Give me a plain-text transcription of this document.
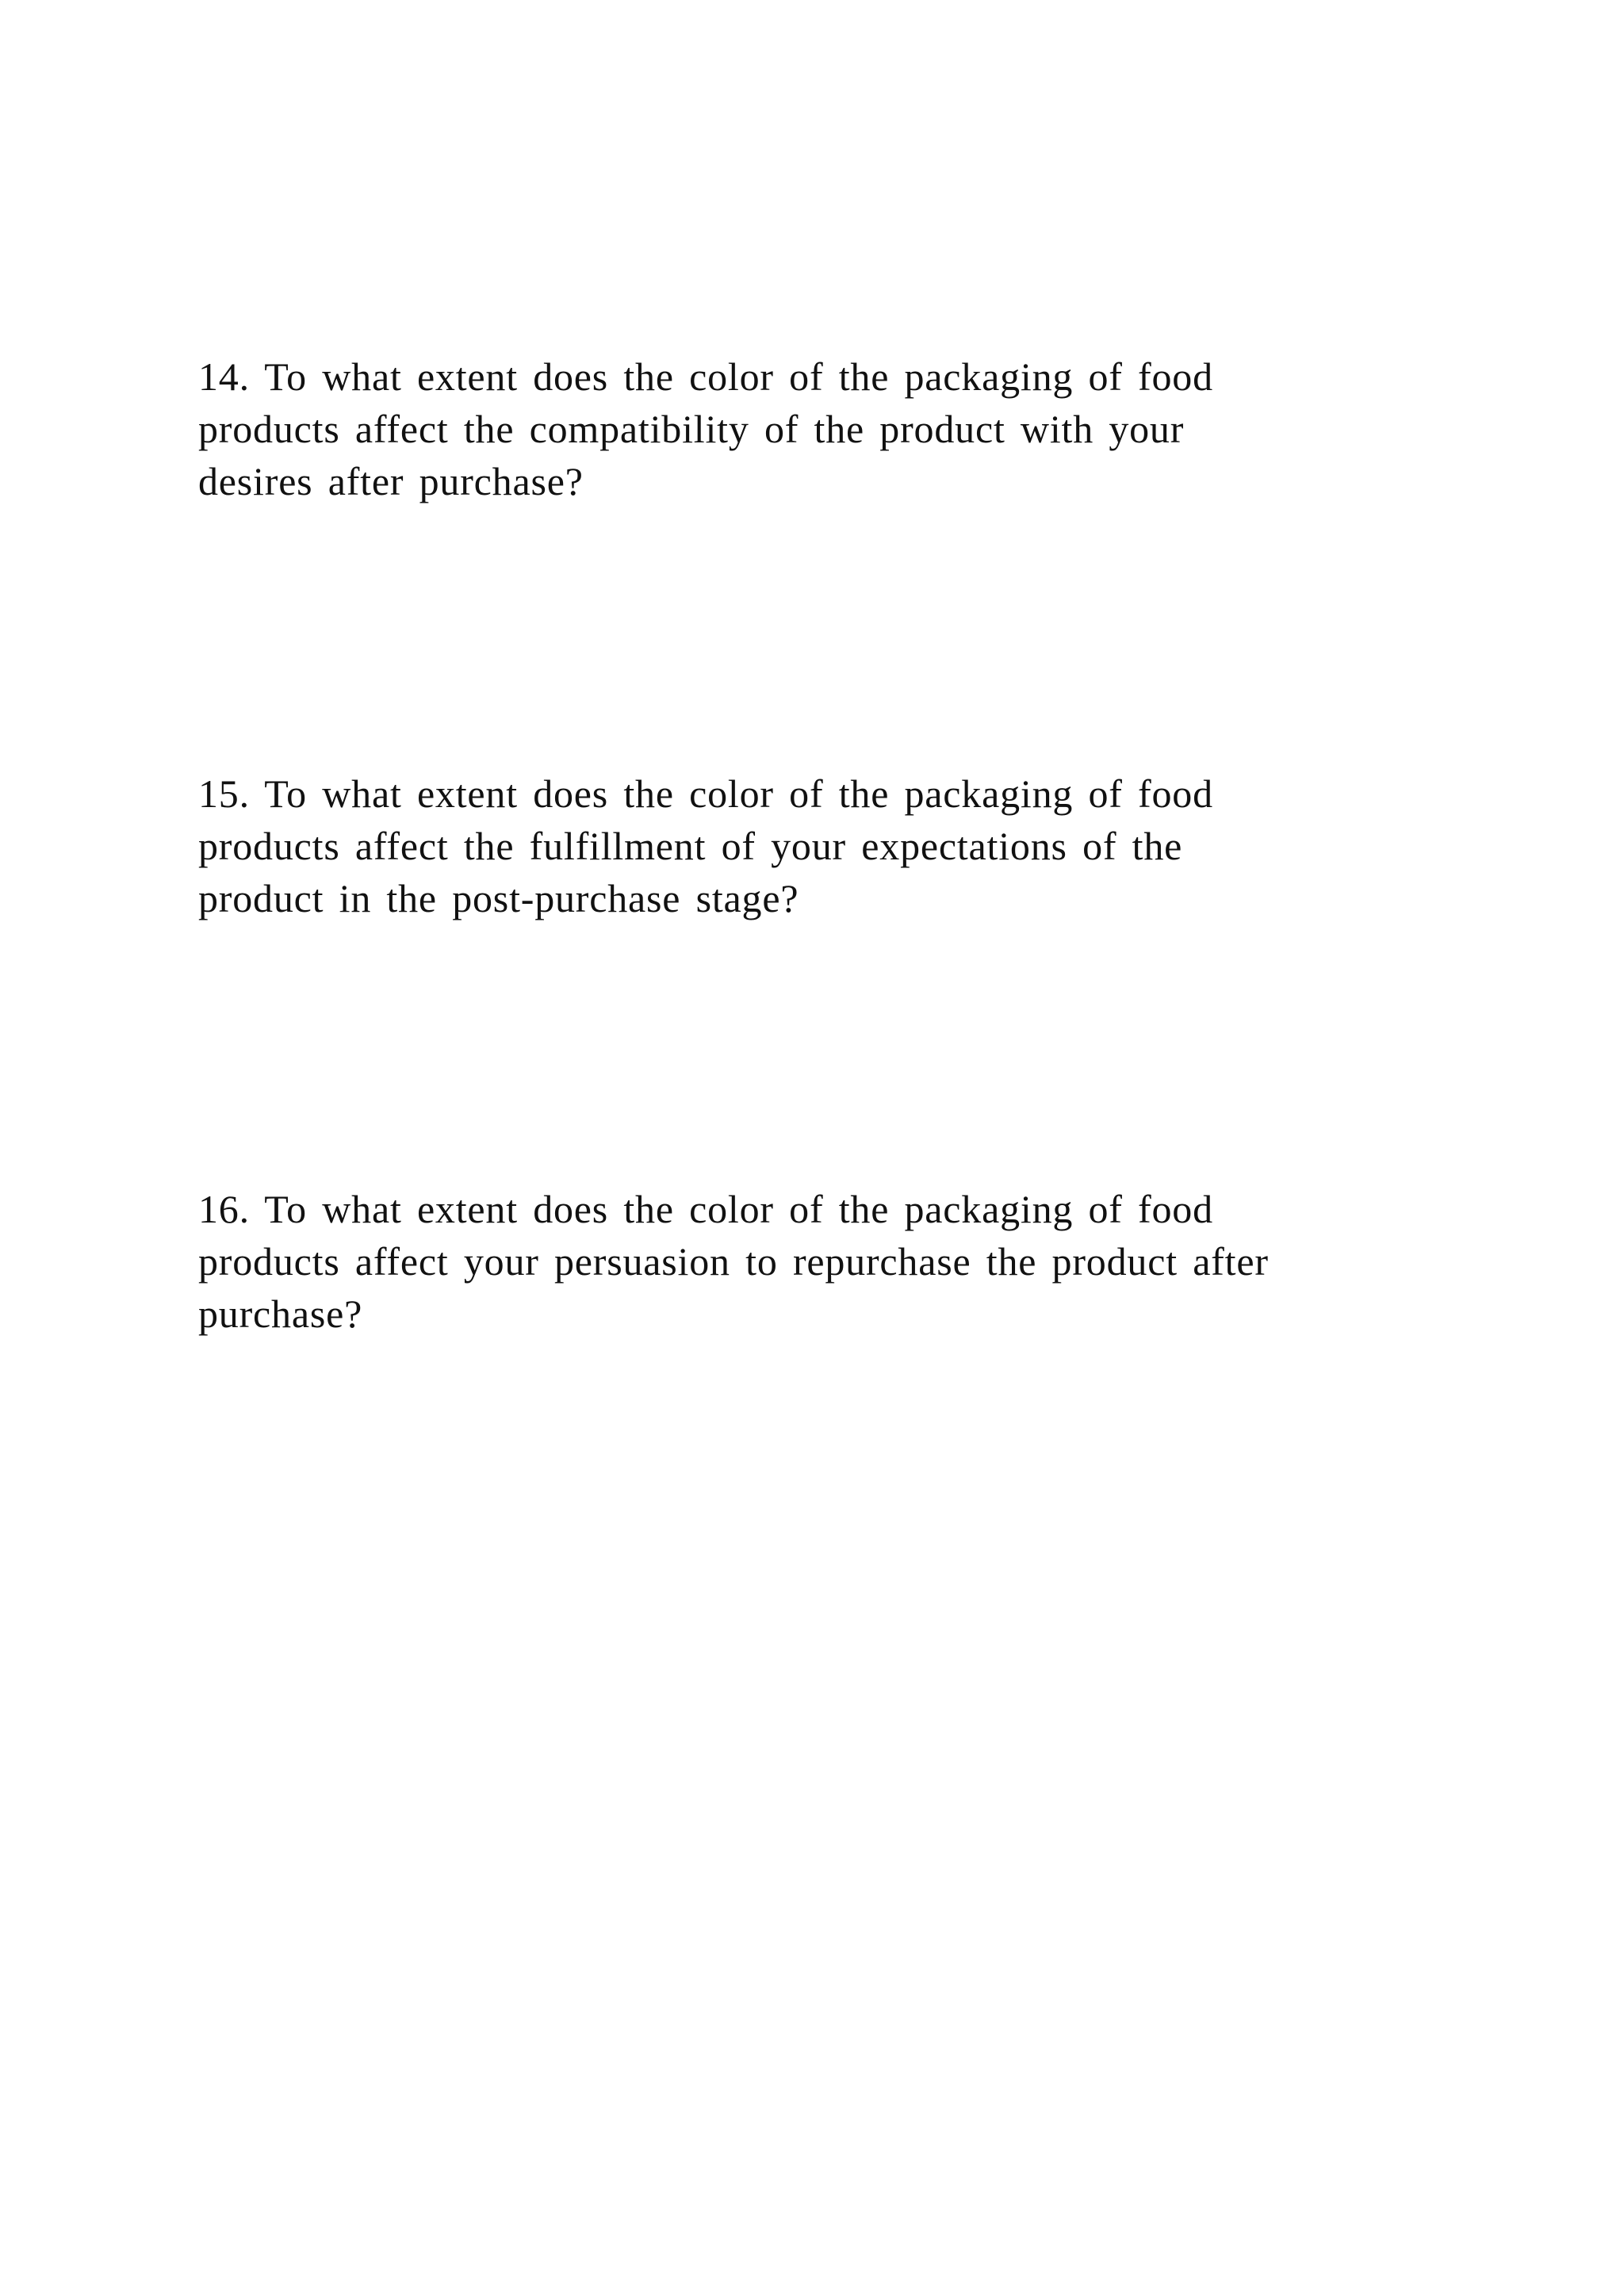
14. To what extent does the color of the packaging of food
products affect the compatibility of the product with your
desires after purchase?

15. To what extent does the color of the packaging of food
products affect the fulfillment of your expectations of the
product in the post-purchase stage?

16. To what extent does the color of the packaging of food
products affect your persuasion to repurchase the product after
purchase?
